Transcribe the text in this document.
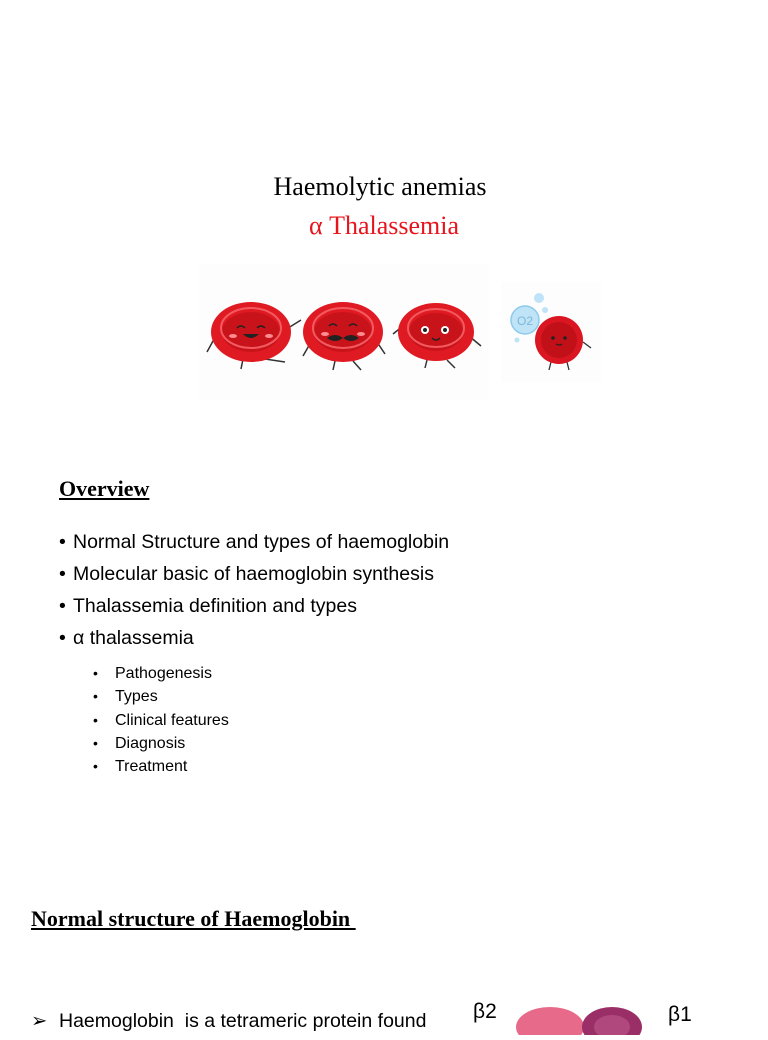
Haemolytic anemias
α Thalassemia
O2
Overview
• Normal Structure and types of haemoglobin
• Molecular basic of haemoglobin synthesis
• Thalassemia definition and types
• α thalassemia
• Pathogenesis
• Types
• Clinical features
• Diagnosis
• Treatment
Normal structure of Haemoglobin
➢ Haemoglobin  is a tetrameric protein found β2	β1
